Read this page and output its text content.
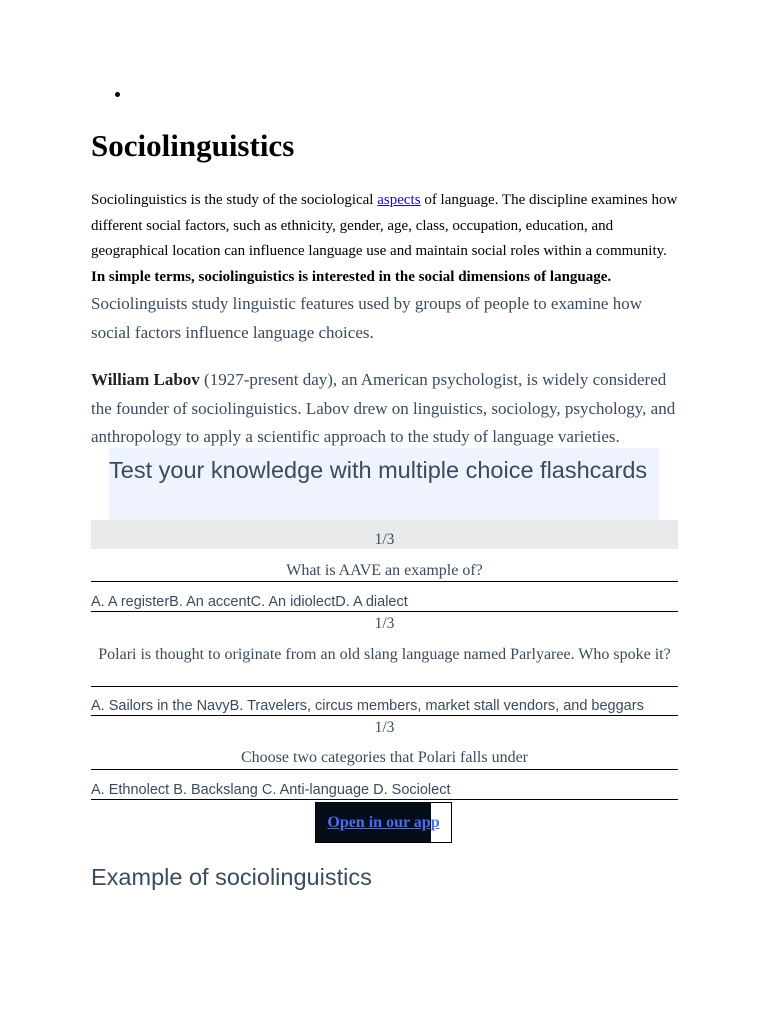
Sociolinguistics

Sociolinguistics is the study of the sociological aspects of language. The discipline examines how different social factors, such as ethnicity, gender, age, class, occupation, education, and geographical location can influence language use and maintain social roles within a community. In simple terms, sociolinguistics is interested in the social dimensions of language.

Sociolinguists study linguistic features used by groups of people to examine how social factors influence language choices.

William Labov (1927-present day), an American psychologist, is widely considered the founder of sociolinguistics. Labov drew on linguistics, sociology, psychology, and anthropology to apply a scientific approach to the study of language varieties.

Test your knowledge with multiple choice flashcards
1/3
What is AAVE an example of?
A. A registerB. An accentC. An idiolectD. A dialect
1/3
Polari is thought to originate from an old slang language named Parlyaree. Who spoke it?
A. Sailors in the NavyB. Travelers, circus members, market stall vendors, and beggars
1/3
Choose two categories that Polari falls under
A. Ethnolect B. Backslang C. Anti-language D. Sociolect
Open in our app
Example of sociolinguistics
